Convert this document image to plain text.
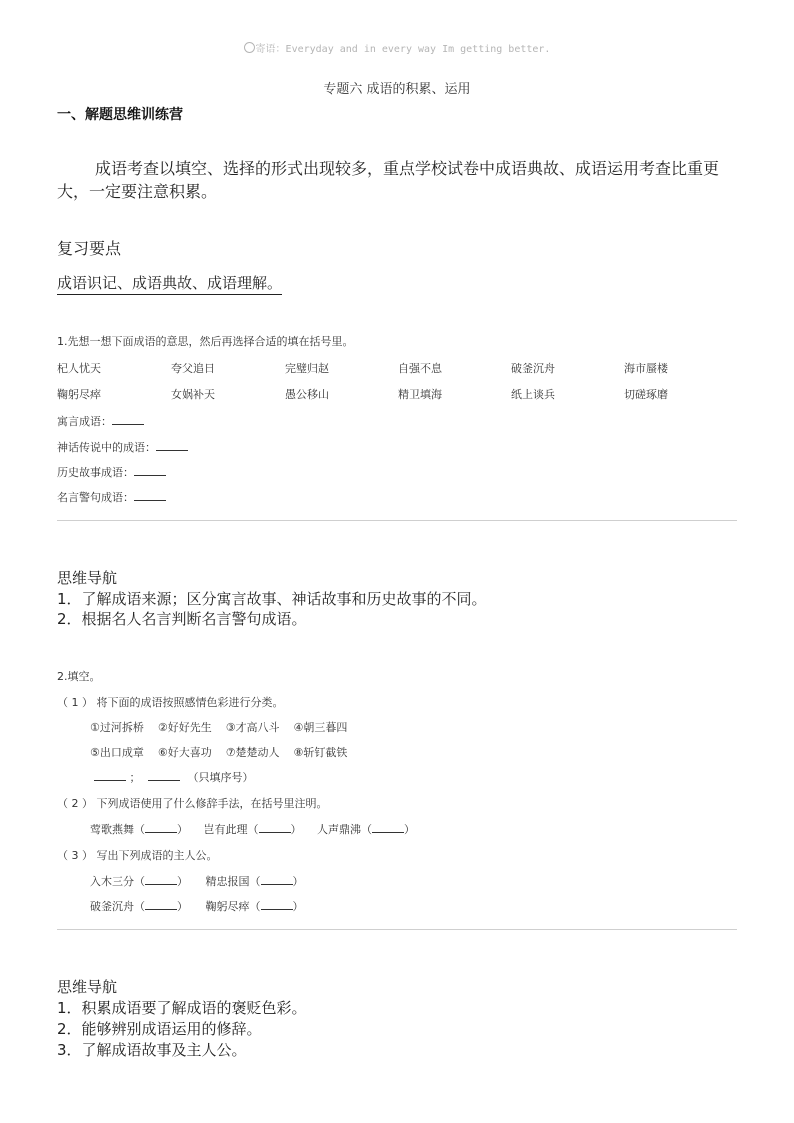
寄语：Everyday and in every way Im getting better.
专题六 成语的积累、运用
一、解题思维训练营
成语考查以填空、选择的形式出现较多，重点学校试卷中成语典故、成语运用考查比重更大，一定要注意积累。
复习要点
成语识记、成语典故、成语理解。
1.先想一想下面成语的意思，然后再选择合适的填在括号里。
杞人忧天	夸父追日	完璧归赵	自强不息	破釜沉舟	海市蜃楼
鞠躬尽瘁	女娲补天	愚公移山	精卫填海	纸上谈兵	切磋琢磨
寓言成语：
神话传说中的成语：
历史故事成语：
名言警句成语：
思维导航
1．了解成语来源；区分寓言故事、神话故事和历史故事的不同。
2．根据名人名言判断名言警句成语。
2.填空。
（ 1 ） 将下面的成语按照感情色彩进行分类。
①过河拆桥    ②好好先生    ③才高八斗    ④朝三暮四
⑤出口成章    ⑥好大喜功    ⑦楚楚动人    ⑧斩钉截铁
；	（只填序号）
（ 2 ） 下列成语使用了什么修辞手法，在括号里注明。
莺歌燕舞（	） 岂有此理（	） 人声鼎沸（	）
（ 3 ） 写出下列成语的主人公。
入木三分（	） 精忠报国（	）
破釜沉舟（	） 鞠躬尽瘁（	）
思维导航
1．积累成语要了解成语的褒贬色彩。
2．能够辨别成语运用的修辞。
3．了解成语故事及主人公。
